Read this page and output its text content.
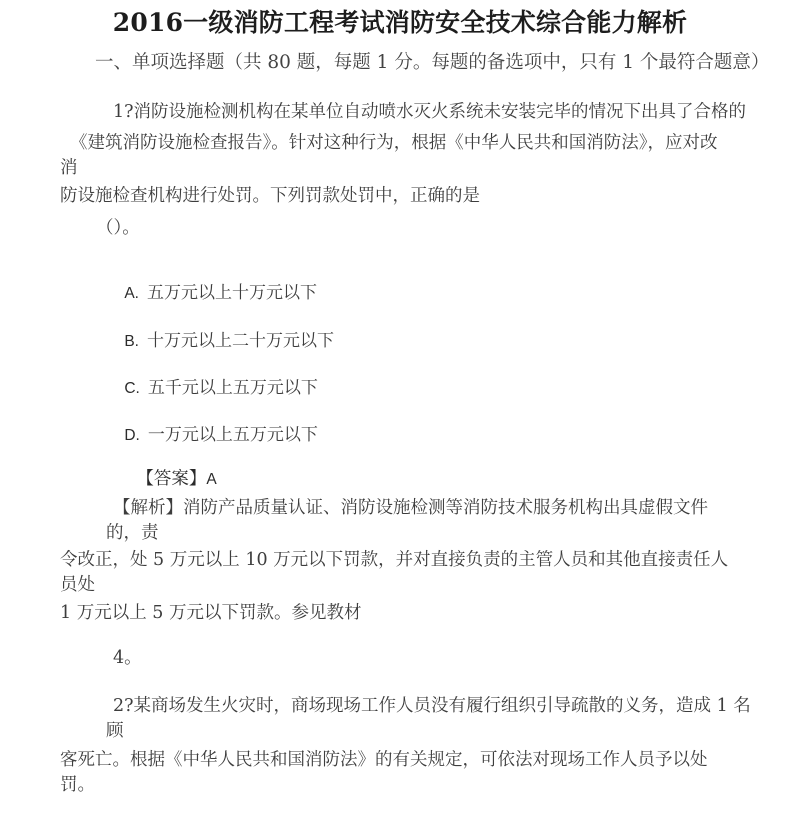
2016一级消防工程考试消防安全技术综合能力解析
一、单项选择题（共 80 题，每题 1 分。每题的备选项中，只有 1 个最符合题意）
1?消防设施检测机构在某单位自动喷水灭火系统未安装完毕的情况下出具了合格的
《建筑消防设施检查报告》。针对这种行为，根据《中华人民共和国消防法》，应对改
消
防设施检查机构进行处罚。下列罚款处罚中，正确的是
（）。

A. 五万元以上十万元以下

B. 十万元以上二十万元以下

C. 五千元以上五万元以下

D. 一万元以上五万元以下

【答案】A

【解析】消防产品质量认证、消防设施检测等消防技术服务机构出具虚假文件
的，责
令改正，处 5 万元以上 10 万元以下罚款，并对直接负责的主管人员和其他直接责任人
员处
1 万元以上 5 万元以下罚款。参见教材
4。
2?某商场发生火灾时，商场现场工作人员没有履行组织引导疏散的义务，造成 1 名
顾
客死亡。根据《中华人民共和国消防法》的有关规定，可依法对现场工作人员予以处
罚。
